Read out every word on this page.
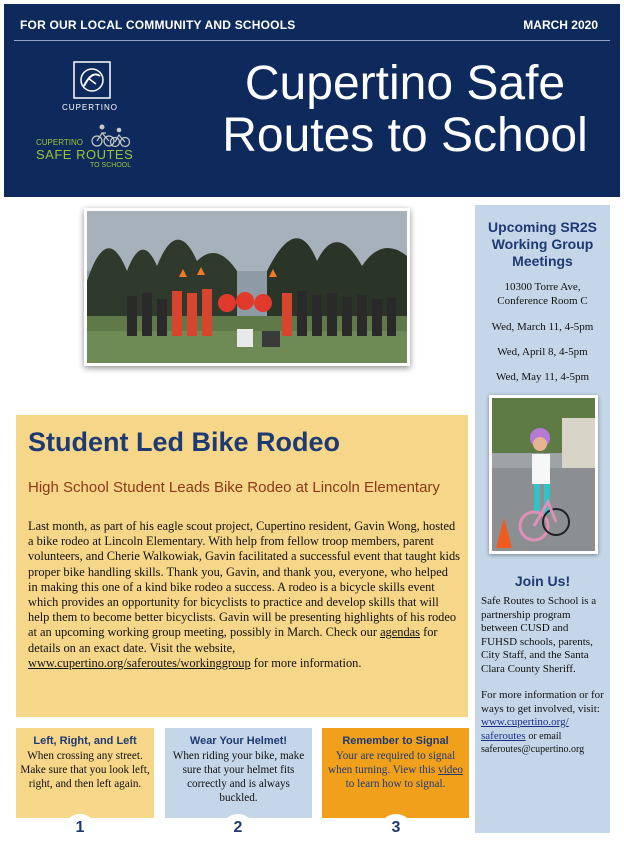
FOR OUR LOCAL COMMUNITY AND SCHOOLS	MARCH 2020
CUPERTINO
CUPERTINO
SAFE ROUTES
TO SCHOOL
Cupertino Safe
Routes to School
Upcoming SR2S
Working Group
Meetings
10300 Torre Ave,
Conference Room C
Wed, March 11, 4-5pm
Wed, April 8, 4-5pm
Wed, May 11, 4-5pm
Join Us!
Safe Routes to School is a partnership program between CUSD and FUHSD schools, parents, City Staff, and the Santa Clara County Sheriff.
For more information or for ways to get involved, visit:
www.cupertino.org/ saferoutes or email saferoutes@cupertino.org
Student Led Bike Rodeo
High School Student Leads Bike Rodeo at Lincoln Elementary
Last month, as part of his eagle scout project, Cupertino resident, Gavin Wong, hosted a bike rodeo at Lincoln Elementary. With help from fellow troop members, parent volunteers, and Cherie Walkowiak, Gavin facilitated a successful event that taught kids proper bike handling skills. Thank you, Gavin, and thank you, everyone, who helped in making this one of a kind bike rodeo a success. A rodeo is a bicycle skills event which provides an opportunity for bicyclists to practice and develop skills that will help them to become better bicyclists. Gavin will be presenting highlights of his rodeo at an upcoming working group meeting, possibly in March. Check our agendas for details on an exact date. Visit the website, www.cupertino.org/saferoutes/workinggroup for more information.
Left, Right, and Left
When crossing any street. Make sure that you look left, right, and then left again.
1
Wear Your Helmet!
When riding your bike, make sure that your helmet fits correctly and is always buckled.
2
Remember to Signal
Your are required to signal when turning. View this video to learn how to signal.
3
